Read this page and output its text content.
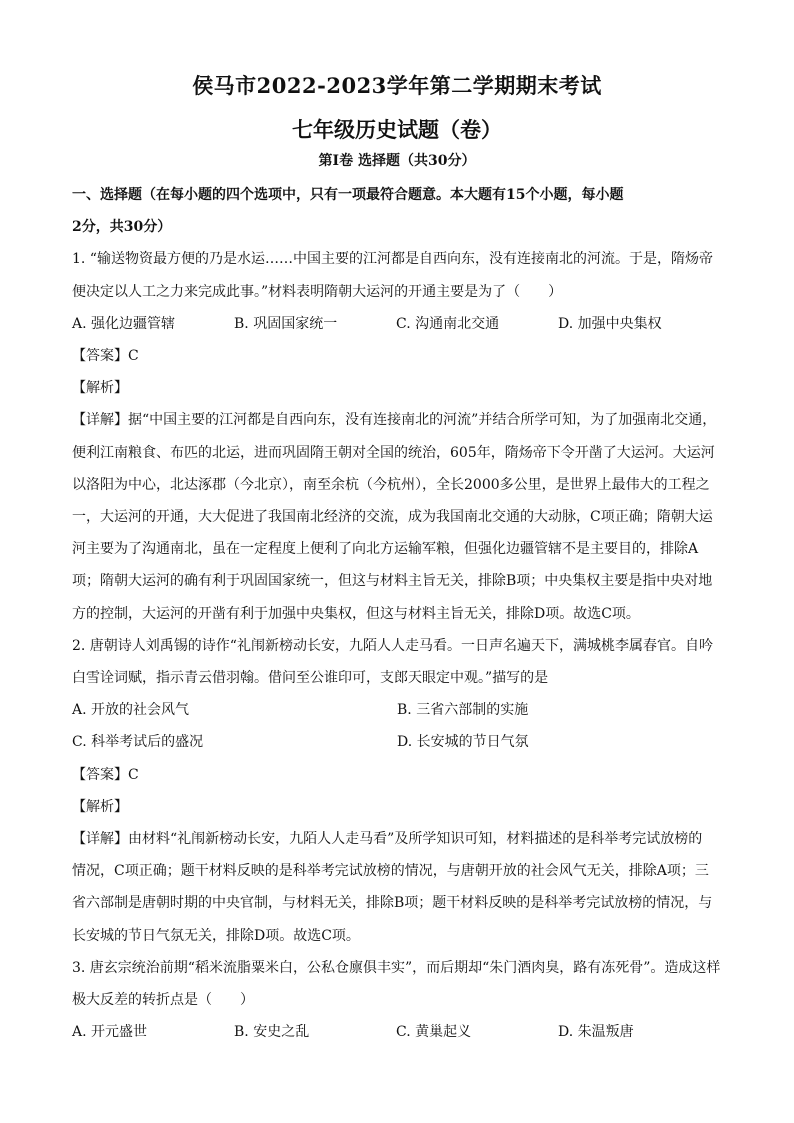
侯马市2022-2023学年第二学期期末考试
七年级历史试题（卷）
第Ⅰ卷 选择题（共30分）

一、选择题（在每小题的四个选项中，只有一项最符合题意。本大题有15个小题，每小题

2分，共30分）

1. “输送物资最方便的乃是水运……中国主要的江河都是自西向东，没有连接南北的河流。于是，隋炀帝

便决定以人工之力来完成此事。”材料表明隋朝大运河的开通主要是为了（　　）

A. 强化边疆管辖	B. 巩固国家统一	C. 沟通南北交通	D. 加强中央集权

【答案】C

【解析】

【详解】据“中国主要的江河都是自西向东，没有连接南北的河流”并结合所学可知，为了加强南北交通，

便利江南粮食、布匹的北运，进而巩固隋王朝对全国的统治，605年，隋炀帝下令开凿了大运河。大运河

以洛阳为中心，北达涿郡（今北京），南至余杭（今杭州），全长2000多公里，是世界上最伟大的工程之

一，大运河的开通，大大促进了我国南北经济的交流，成为我国南北交通的大动脉，C项正确；隋朝大运

河主要为了沟通南北，虽在一定程度上便利了向北方运输军粮，但强化边疆管辖不是主要目的，排除A

项；隋朝大运河的确有利于巩固国家统一，但这与材料主旨无关，排除B项；中央集权主要是指中央对地

方的控制，大运河的开凿有利于加强中央集权，但这与材料主旨无关，排除D项。故选C项。

2. 唐朝诗人刘禹锡的诗作“礼闱新榜动长安，九陌人人走马看。一日声名遍天下，满城桃李属春官。自吟

白雪诠词赋，指示青云借羽翰。借问至公谁印可，支郎天眼定中观。”描写的是

A. 开放的社会风气	B. 三省六部制的实施
C. 科举考试后的盛况	D. 长安城的节日气氛

【答案】C

【解析】

【详解】由材料“礼闱新榜动长安，九陌人人走马看”及所学知识可知，材料描述的是科举考完试放榜的

情况，C项正确；题干材料反映的是科举考完试放榜的情况，与唐朝开放的社会风气无关，排除A项；三

省六部制是唐朝时期的中央官制，与材料无关，排除B项；题干材料反映的是科举考完试放榜的情况，与

长安城的节日气氛无关，排除D项。故选C项。

3. 唐玄宗统治前期“稻米流脂粟米白，公私仓廪俱丰实”，而后期却“朱门酒肉臭，路有冻死骨”。造成这样

极大反差的转折点是（　　）

A. 开元盛世	B. 安史之乱	C. 黄巢起义	D. 朱温叛唐
